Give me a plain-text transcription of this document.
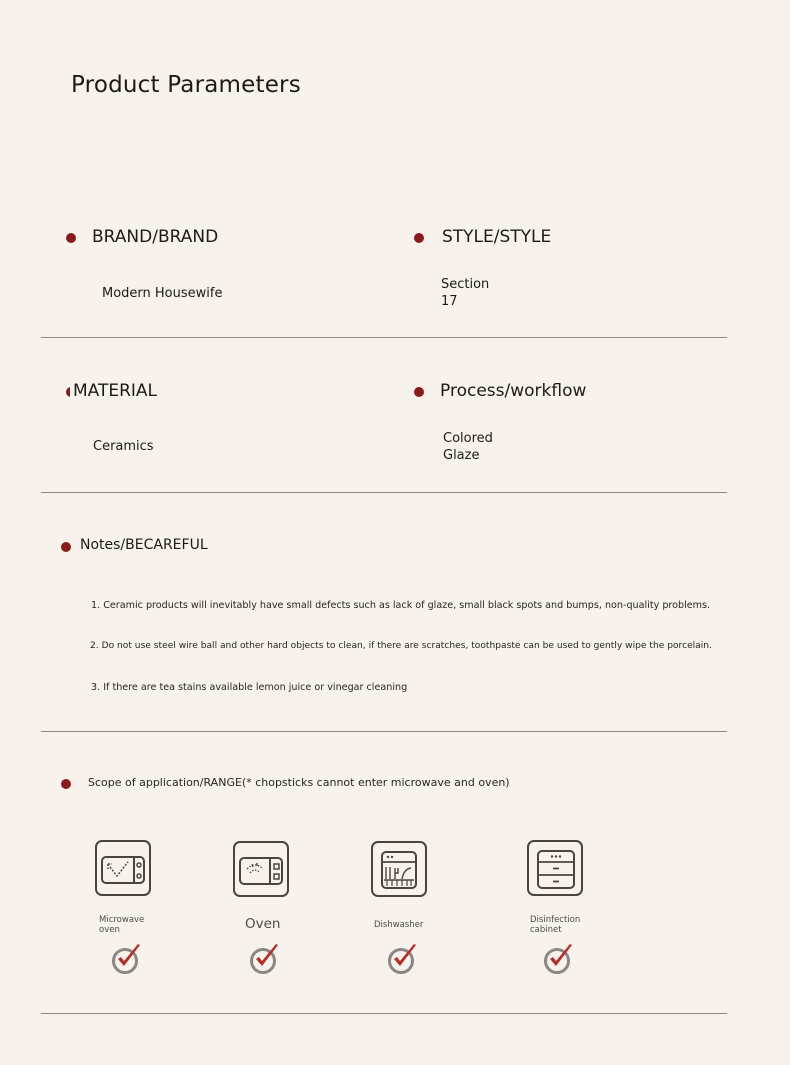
Product Parameters
BRAND/BRAND
Modern Housewife
STYLE/STYLE
Section
17
MATERIAL
Ceramics
Process/workflow
Colored
Glaze
Notes/BECAREFUL
1. Ceramic products will inevitably have small defects such as lack of glaze, small black spots and bumps, non-quality problems.
2. Do not use steel wire ball and other hard objects to clean, if there are scratches, toothpaste can be used to gently wipe the porcelain.
3. If there are tea stains available lemon juice or vinegar cleaning
Scope of application/RANGE(* chopsticks cannot enter microwave and oven)
Microwave
oven	Oven	Dishwasher	Disinfection
cabinet
